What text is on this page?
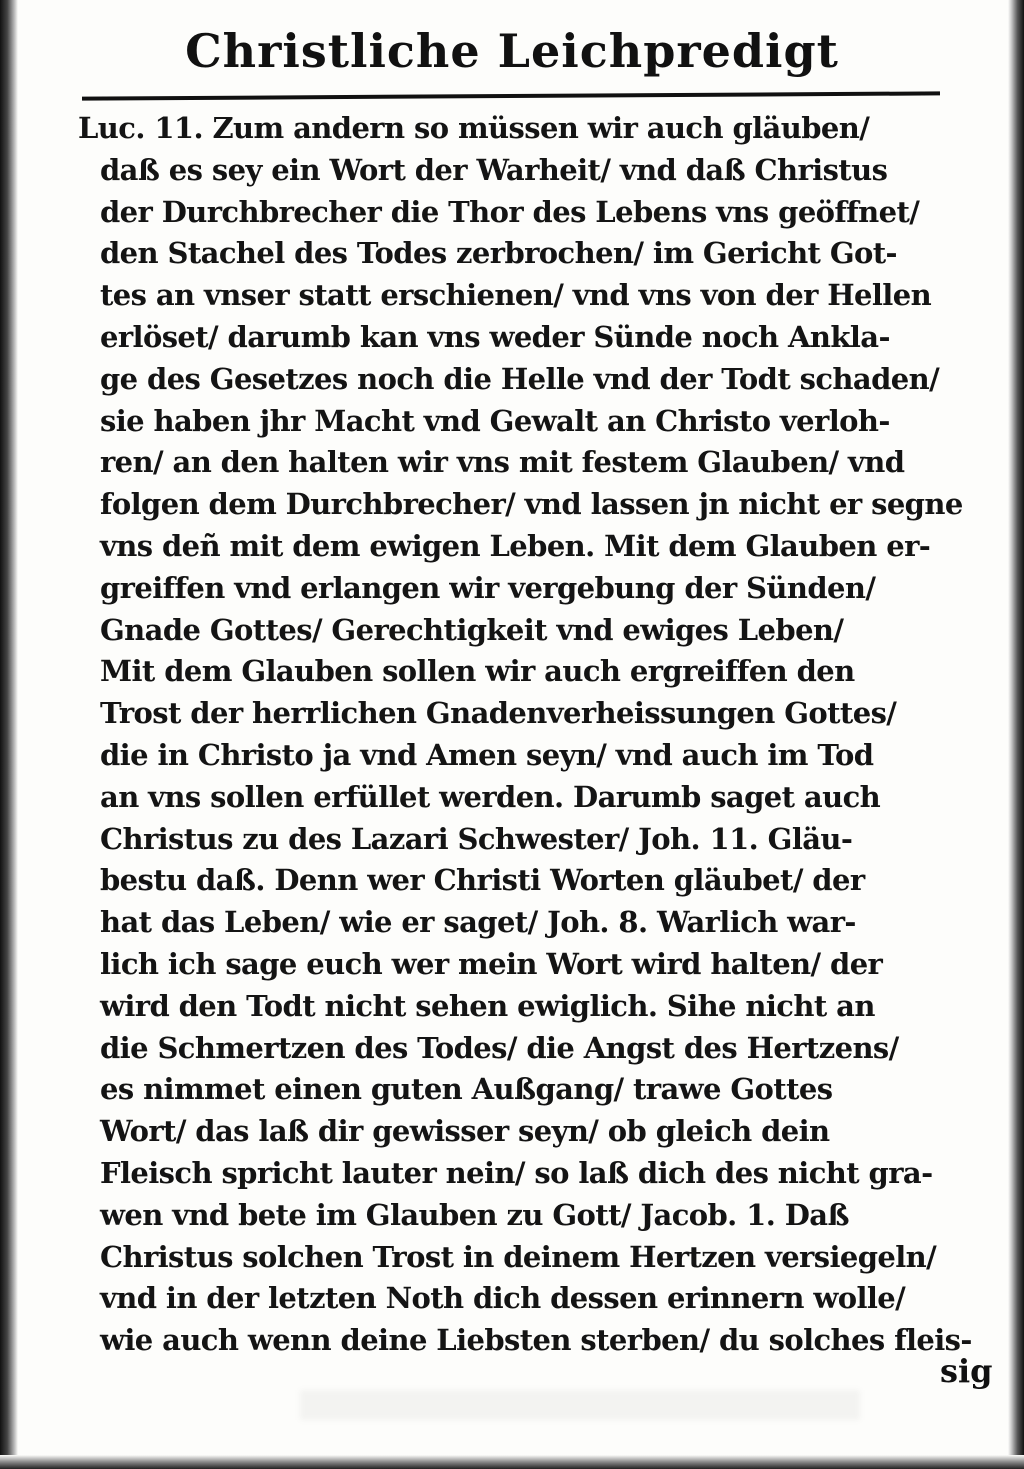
Christliche Leichpredigt
Luc. 11. Zum andern so müssen wir auch gläuben/
daß es sey ein Wort der Warheit/ vnd daß Christus
der Durchbrecher die Thor des Lebens vns geöffnet/
den Stachel des Todes zerbrochen/ im Gericht Got-
tes an vnser statt erschienen/ vnd vns von der Hellen
erlöset/ darumb kan vns weder Sünde noch Ankla-
ge des Gesetzes noch die Helle vnd der Todt schaden/
sie haben jhr Macht vnd Gewalt an Christo verloh-
ren/ an den halten wir vns mit festem Glauben/ vnd
folgen dem Durchbrecher/ vnd lassen jn nicht er segne
vns deñ mit dem ewigen Leben. Mit dem Glauben er-
greiffen vnd erlangen wir vergebung der Sünden/
Gnade Gottes/ Gerechtigkeit vnd ewiges Leben/
Mit dem Glauben sollen wir auch ergreiffen den
Trost der herrlichen Gnadenverheissungen Gottes/
die in Christo ja vnd Amen seyn/ vnd auch im Tod
an vns sollen erfüllet werden. Darumb saget auch
Christus zu des Lazari Schwester/ Joh. 11. Gläu-
bestu daß. Denn wer Christi Worten gläubet/ der
hat das Leben/ wie er saget/ Joh. 8. Warlich war-
lich ich sage euch wer mein Wort wird halten/ der
wird den Todt nicht sehen ewiglich. Sihe nicht an
die Schmertzen des Todes/ die Angst des Hertzens/
es nimmet einen guten Außgang/ trawe Gottes
Wort/ das laß dir gewisser seyn/ ob gleich dein
Fleisch spricht lauter nein/ so laß dich des nicht gra-
wen vnd bete im Glauben zu Gott/ Jacob. 1. Daß
Christus solchen Trost in deinem Hertzen versiegeln/
vnd in der letzten Noth dich dessen erinnern wolle/
wie auch wenn deine Liebsten sterben/ du solches fleis-
sig
